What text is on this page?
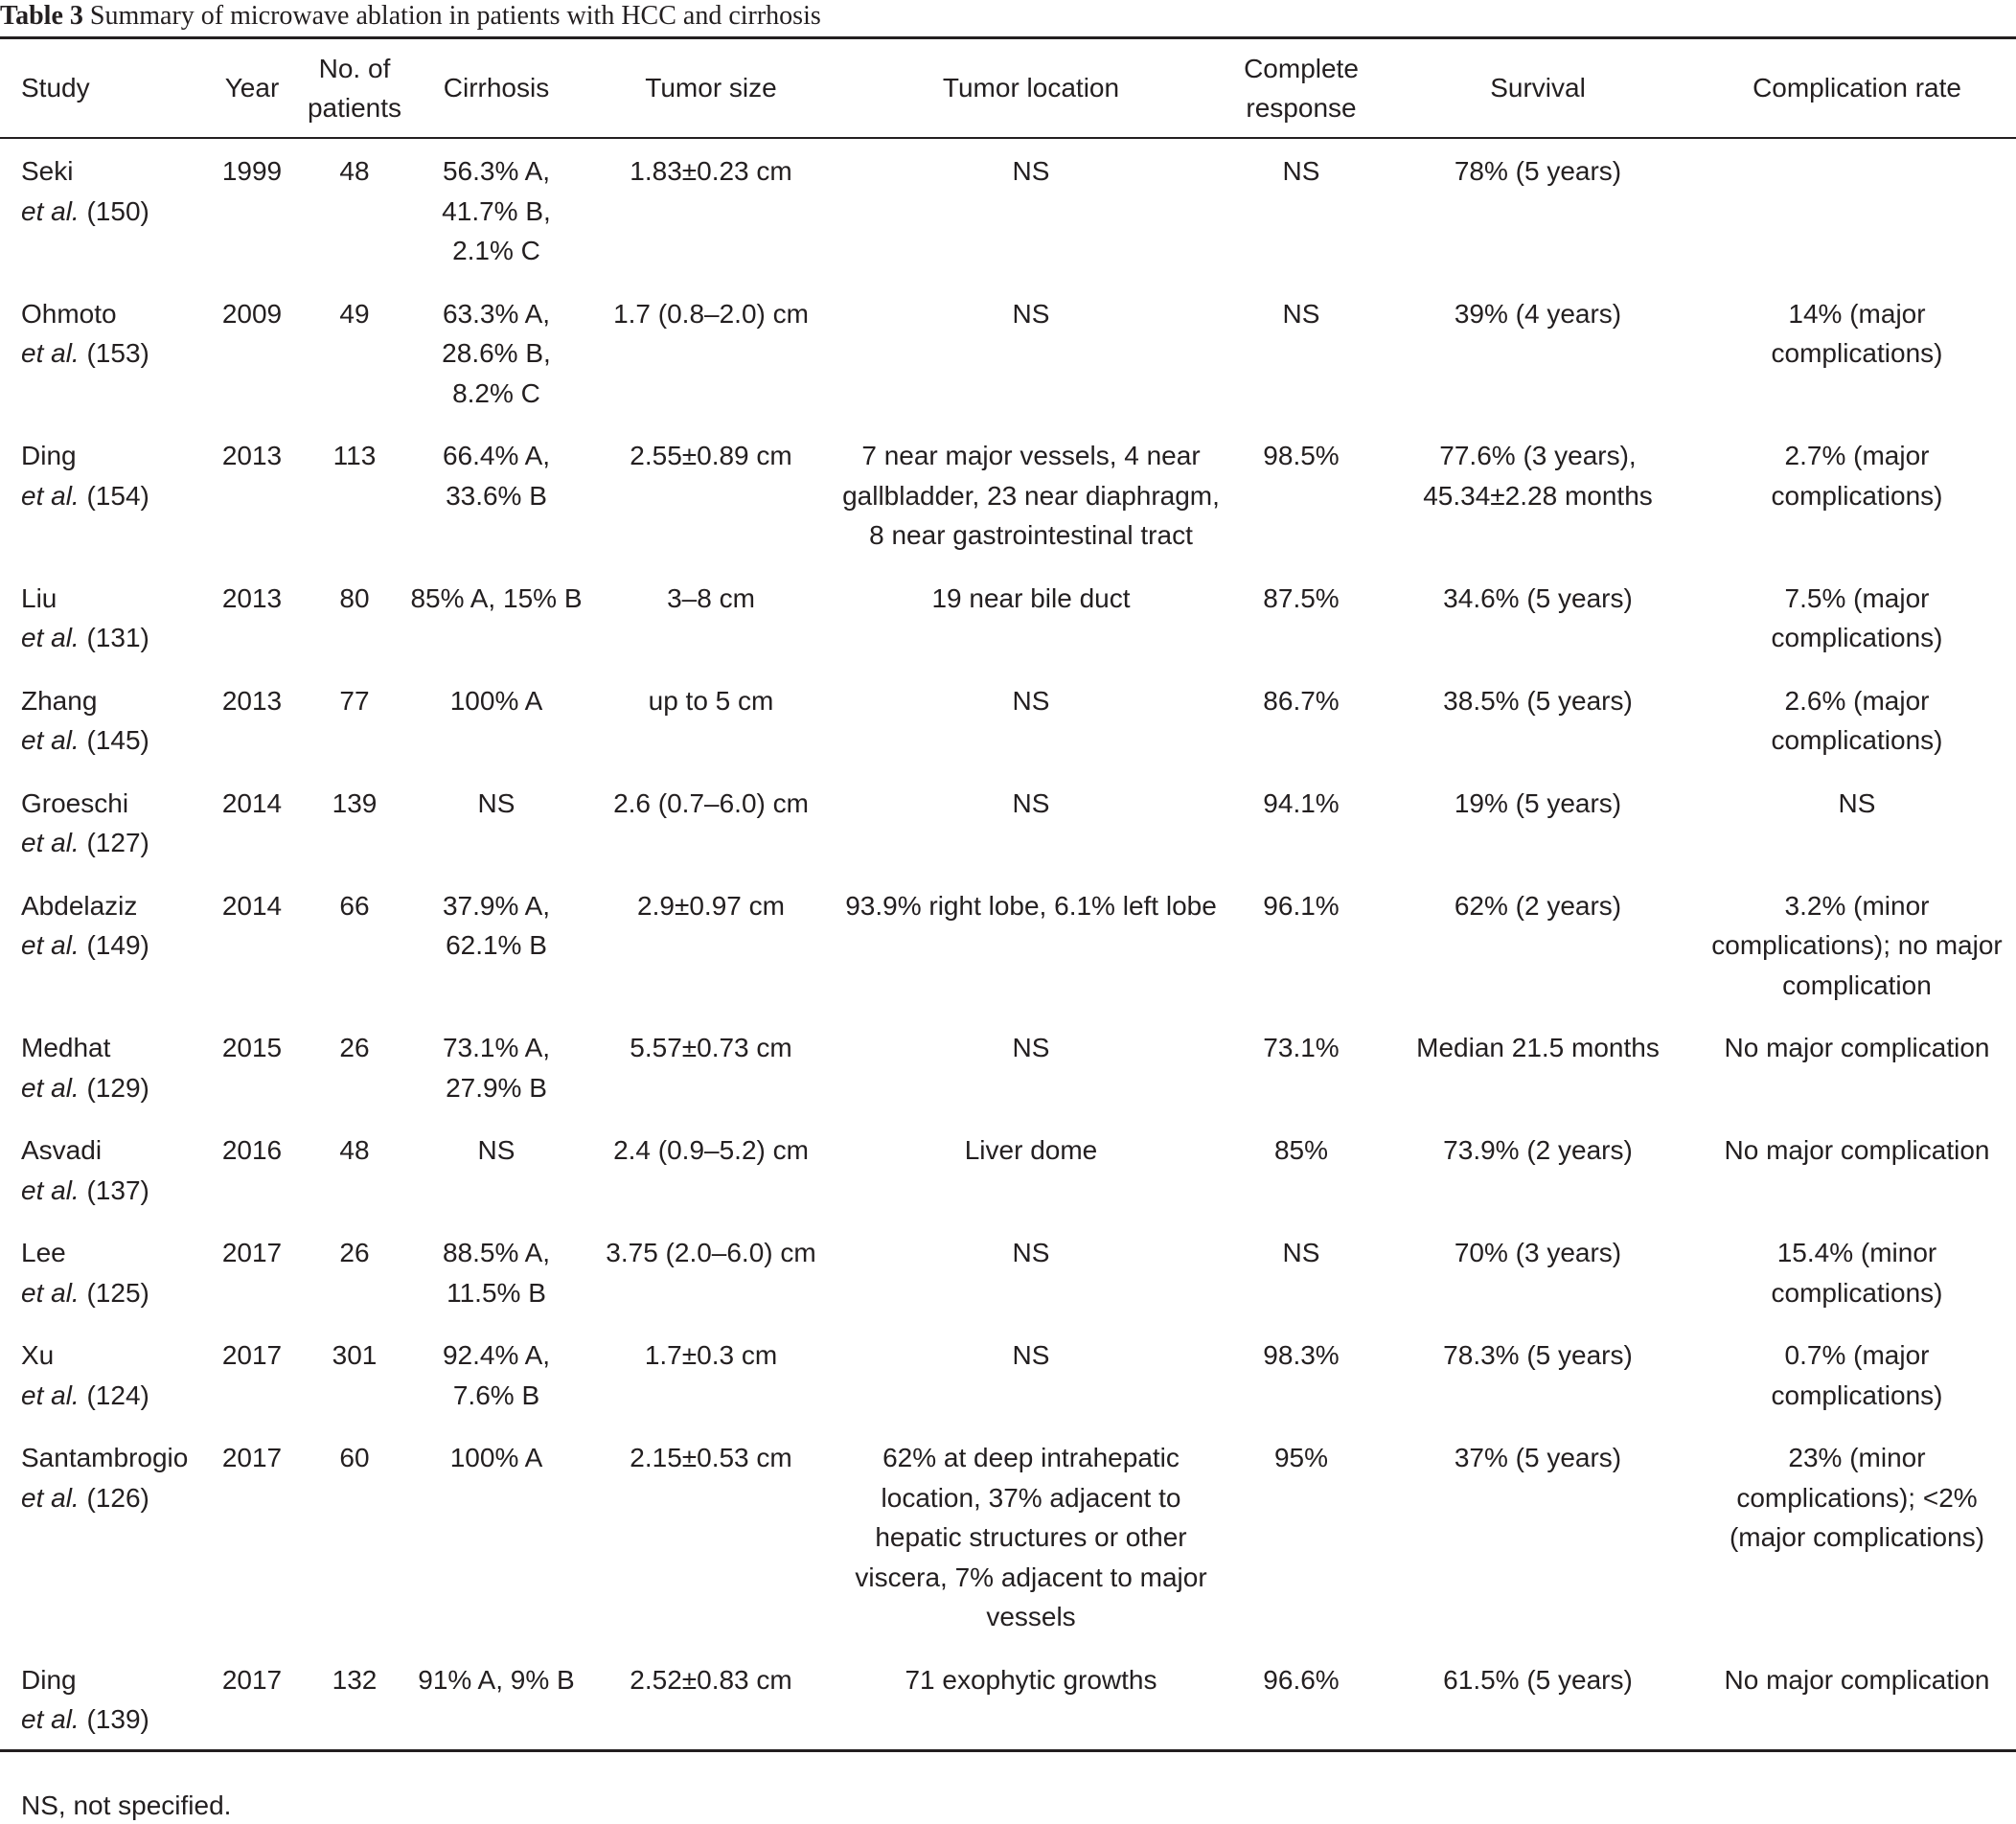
Table 3 Summary of microwave ablation in patients with HCC and cirrhosis
Study	Year	No. of patients	Cirrhosis	Tumor size	Tumor location	Complete response	Survival	Complication rate

Seki
et al. (150)	1999	48	56.3% A, 41.7% B, 2.1% C	1.83±0.23 cm	NS	NS	78% (5 years)	

Ohmoto
et al. (153)	2009	49	63.3% A, 28.6% B, 8.2% C	1.7 (0.8–2.0) cm	NS	NS	39% (4 years)	14% (major complications)

Ding
et al. (154)	2013	113	66.4% A, 33.6% B	2.55±0.89 cm	7 near major vessels, 4 near gallbladder, 23 near diaphragm, 8 near gastrointestinal tract	98.5%	77.6% (3 years), 45.34±2.28 months	2.7% (major complications)

Liu
et al. (131)	2013	80	85% A, 15% B	3–8 cm	19 near bile duct	87.5%	34.6% (5 years)	7.5% (major complications)

Zhang
et al. (145)	2013	77	100% A	up to 5 cm	NS	86.7%	38.5% (5 years)	2.6% (major complications)

Groeschi
et al. (127)	2014	139	NS	2.6 (0.7–6.0) cm	NS	94.1%	19% (5 years)	NS

Abdelaziz
et al. (149)	2014	66	37.9% A, 62.1% B	2.9±0.97 cm	93.9% right lobe, 6.1% left lobe	96.1%	62% (2 years)	3.2% (minor complications); no major complication

Medhat
et al. (129)	2015	26	73.1% A, 27.9% B	5.57±0.73 cm	NS	73.1%	Median 21.5 months	No major complication

Asvadi
et al. (137)	2016	48	NS	2.4 (0.9–5.2) cm	Liver dome	85%	73.9% (2 years)	No major complication

Lee
et al. (125)	2017	26	88.5% A, 11.5% B	3.75 (2.0–6.0) cm	NS	NS	70% (3 years)	15.4% (minor complications)

Xu
et al. (124)	2017	301	92.4% A, 7.6% B	1.7±0.3 cm	NS	98.3%	78.3% (5 years)	0.7% (major complications)

Santambrogio
et al. (126)	2017	60	100% A	2.15±0.53 cm	62% at deep intrahepatic location, 37% adjacent to hepatic structures or other viscera, 7% adjacent to major vessels	95%	37% (5 years)	23% (minor complications); <2% (major complications)

Ding
et al. (139)	2017	132	91% A, 9% B	2.52±0.83 cm	71 exophytic growths	96.6%	61.5% (5 years)	No major complication
NS, not specified.
